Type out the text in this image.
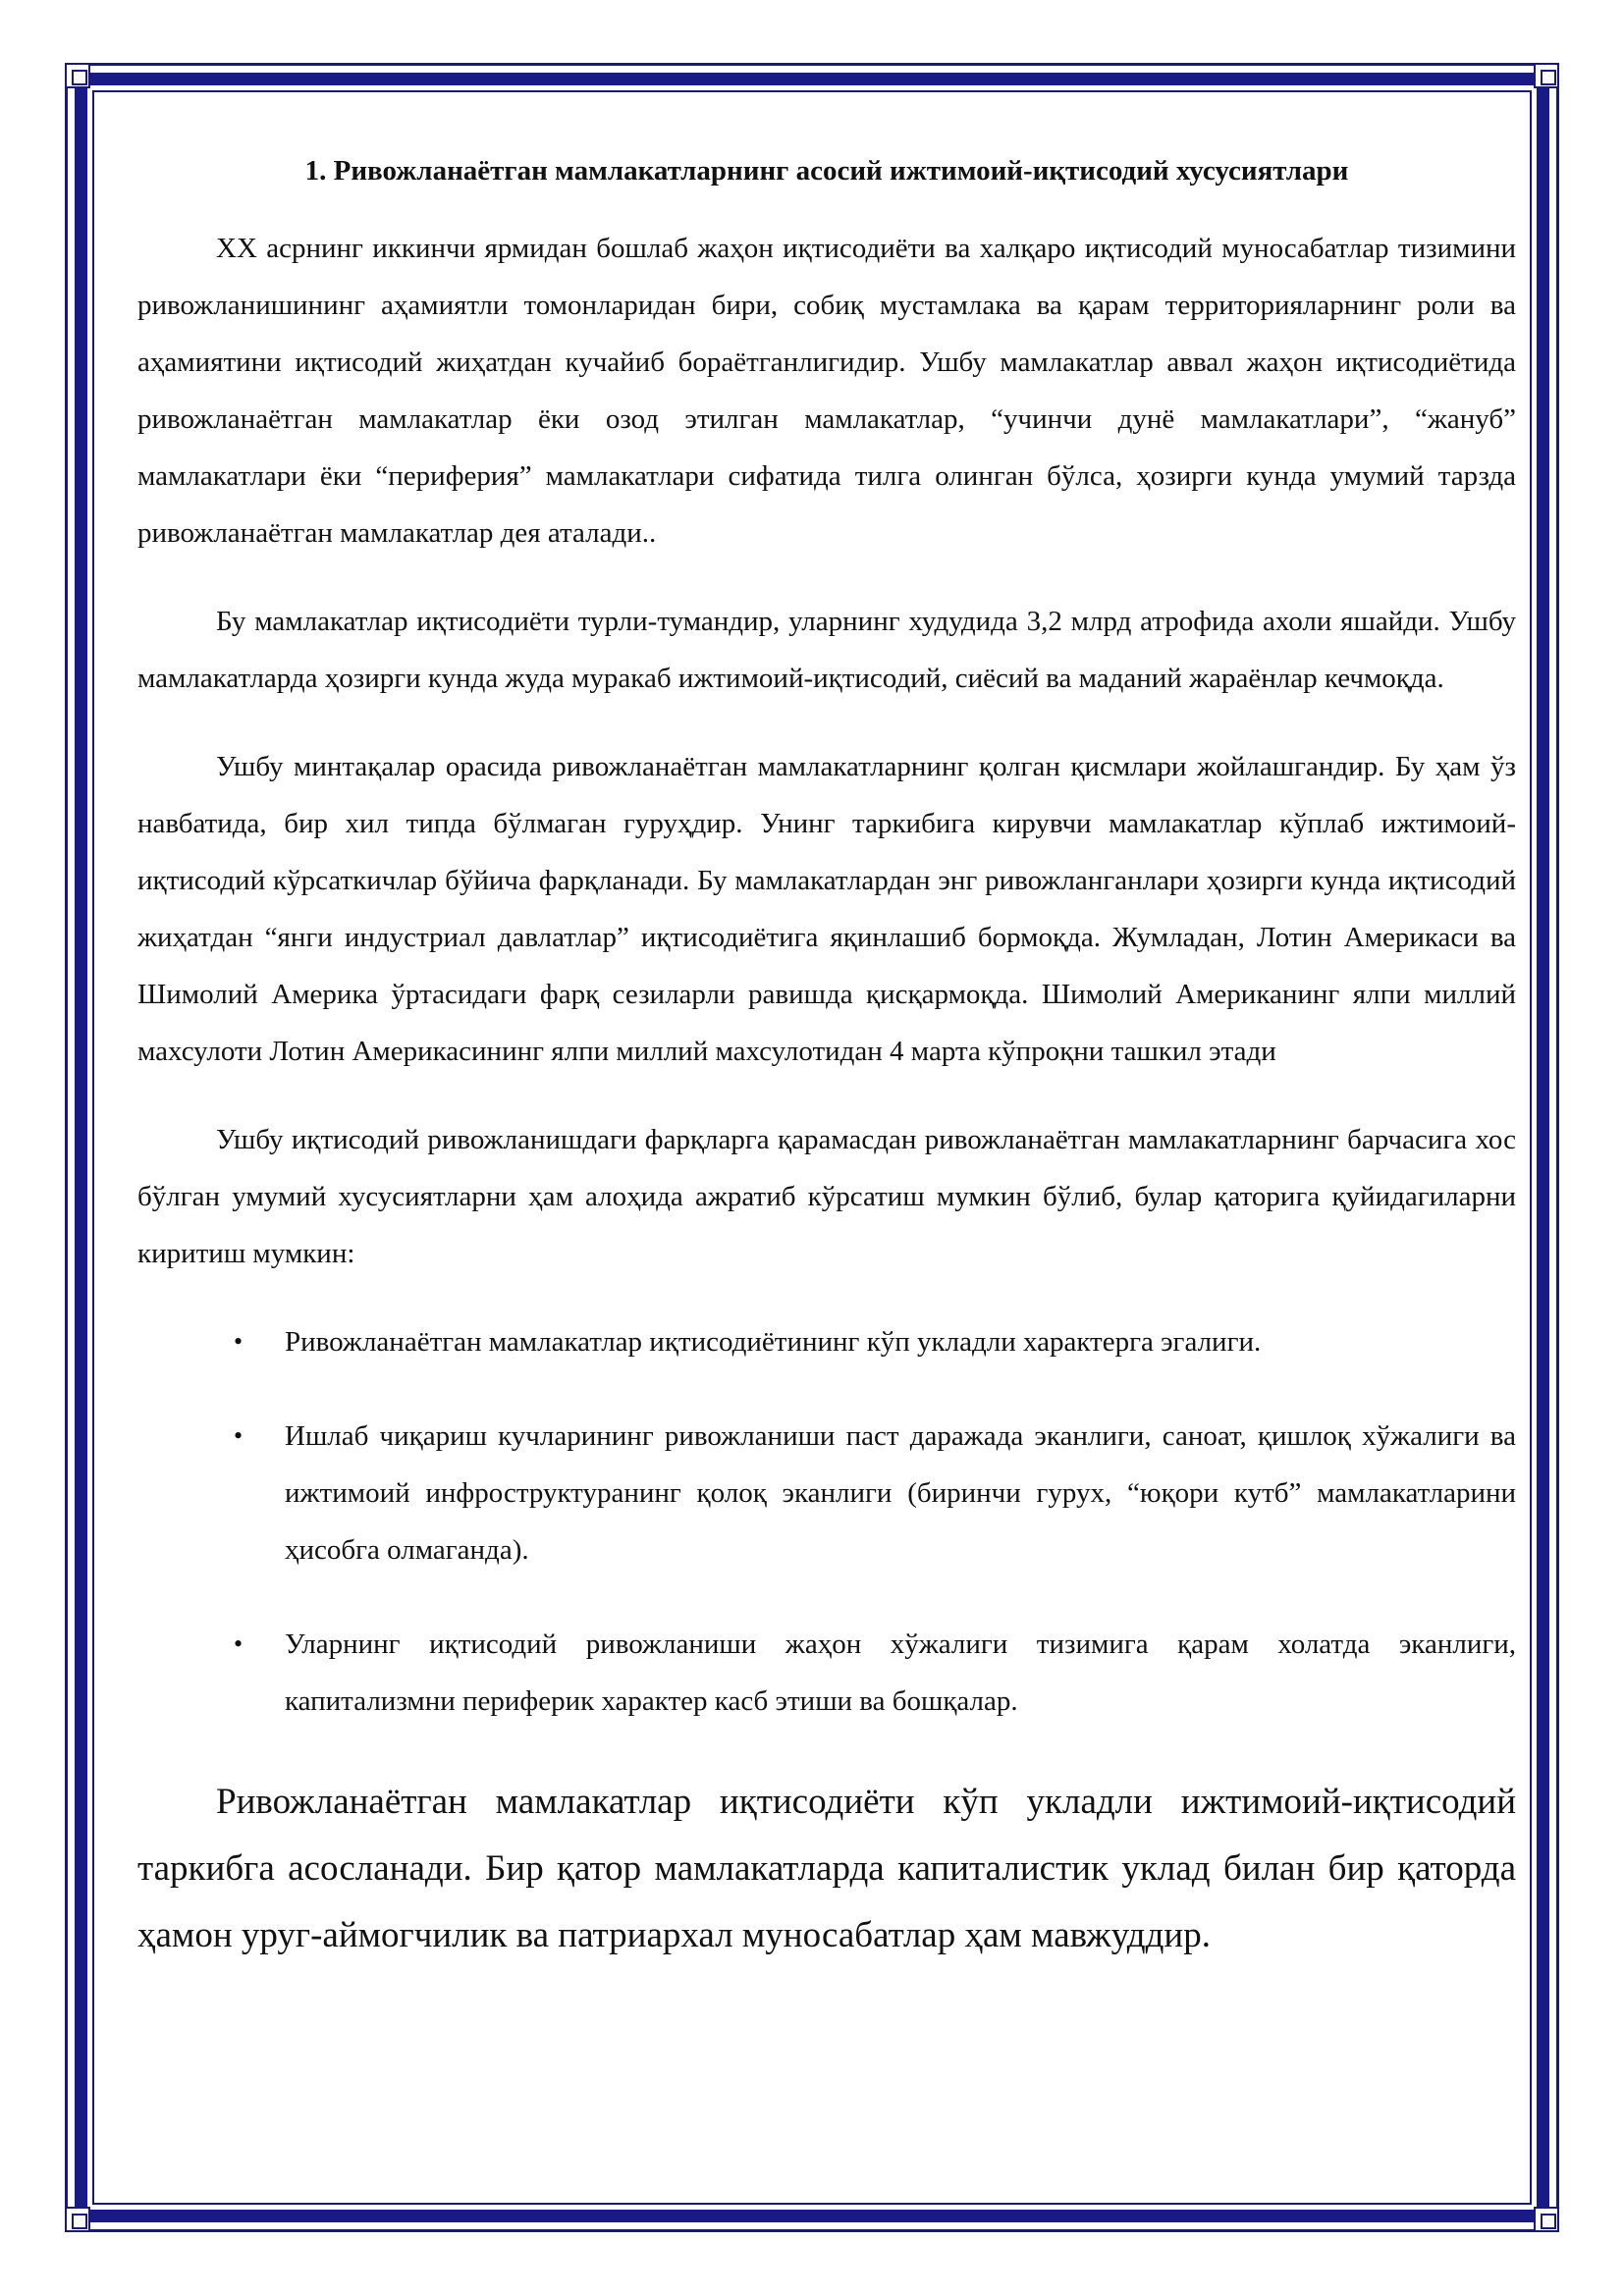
1. Ривожланаётган мамлакатларнинг асосий ижтимоий-иқтисодий хусусиятлари

XX асрнинг иккинчи ярмидан бошлаб жаҳон иқтисодиёти ва халқаро иқтисодий муносабатлар тизимини ривожланишининг аҳамиятли томонларидан бири, собиқ мустамлака ва қарам территорияларнинг роли ва аҳамиятини иқтисодий жиҳатдан кучайиб бораётганлигидир. Ушбу мамлакатлар аввал жаҳон иқтисодиётида ривожланаётган мамлакатлар ёки озод этилган мамлакатлар, “учинчи дунё мамлакатлари”, “жануб” мамлакатлари ёки “периферия” мамлакатлари сифатида тилга олинган бўлса, ҳозирги кунда умумий тарзда ривожланаётган мамлакатлар дея аталади..

Бу мамлакатлар иқтисодиёти турли-тумандир, уларнинг худудида 3,2 млрд атрофида ахоли яшайди. Ушбу мамлакатларда ҳозирги кунда жуда муракаб ижтимоий-иқтисодий, сиёсий ва маданий жараёнлар кечмоқда.

Ушбу минтақалар орасида ривожланаётган мамлакатларнинг қолган қисмлари жойлашгандир. Бу ҳам ўз навбатида, бир хил типда бўлмаган гуруҳдир. Унинг таркибига кирувчи мамлакатлар кўплаб ижтимоий-иқтисодий кўрсаткичлар бўйича фарқланади. Бу мамлакатлардан энг ривожланганлари ҳозирги кунда иқтисодий жиҳатдан “янги индустриал давлатлар” иқтисодиётига яқинлашиб бормоқда. Жумладан, Лотин Америкаси ва Шимолий Америка ўртасидаги фарқ сезиларли равишда қисқармоқда. Шимолий Американинг ялпи миллий махсулоти Лотин Америкасининг ялпи миллий махсулотидан 4 марта кўпроқни ташкил этади

Ушбу иқтисодий ривожланишдаги фарқларга қарамасдан ривожланаётган мамлакатларнинг барчасига хос бўлган умумий хусусиятларни ҳам алоҳида ажратиб кўрсатиш мумкин бўлиб, булар қаторига қуйидагиларни киритиш мумкин:

• Ривожланаётган мамлакатлар иқтисодиётининг кўп укладли характерга эгалиги.
• Ишлаб чиқариш кучларининг ривожланиши паст даражада эканлиги, саноат, қишлоқ хўжалиги ва ижтимоий инфроструктуранинг қолоқ эканлиги (биринчи гурух, “юқори кутб” мамлакатларини ҳисобга олмаганда).
• Уларнинг иқтисодий ривожланиши жаҳон хўжалиги тизимига қарам холатда эканлиги, капитализмни периферик характер касб этиши ва бошқалар.

Ривожланаётган мамлакатлар иқтисодиёти кўп укладли ижтимоий-иқтисодий таркибга асосланади. Бир қатор мамлакатларда капиталистик уклад билан бир қаторда ҳамон уруг-аймогчилик ва патриархал муносабатлар ҳам мавжуддир.
